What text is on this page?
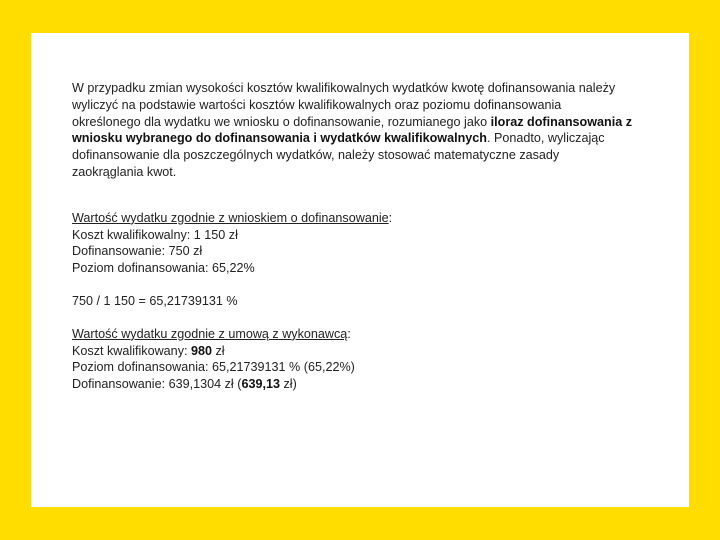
W przypadku zmian wysokości kosztów kwalifikowalnych wydatków kwotę dofinansowania należy wyliczyć na podstawie wartości kosztów kwalifikowalnych oraz poziomu dofinansowania określonego dla wydatku we wniosku o dofinansowanie, rozumianego jako iloraz dofinansowania z wniosku wybranego do dofinansowania i wydatków kwalifikowalnych. Ponadto, wyliczając dofinansowanie dla poszczególnych wydatków, należy stosować matematyczne zasady zaokrąglania kwot.

Wartość wydatku zgodnie z wnioskiem o dofinansowanie:
Koszt kwalifikowalny: 1 150 zł
Dofinansowanie: 750 zł
Poziom dofinansowania: 65,22%

750 / 1 150 = 65,21739131 %

Wartość wydatku zgodnie z umową z wykonawcą:
Koszt kwalifikowany: 980 zł
Poziom dofinansowania: 65,21739131 % (65,22%)
Dofinansowanie: 639,1304 zł (639,13 zł)
